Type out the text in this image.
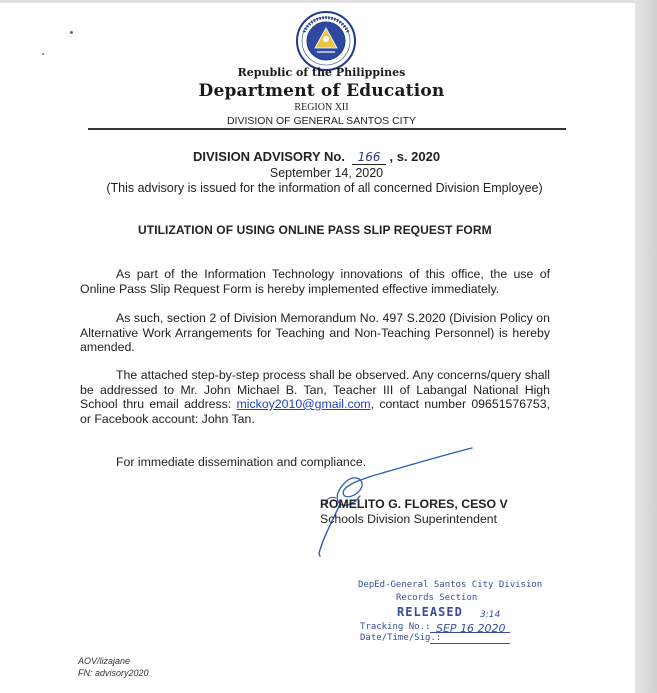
Republic of the Philippines
Department of Education
REGION XII
DIVISION OF GENERAL SANTOS CITY
DIVISION ADVISORY No. 166 , s. 2020
September 14, 2020
(This advisory is issued for the information of all concerned Division Employee)
UTILIZATION OF USING ONLINE PASS SLIP REQUEST FORM

As part of the Information Technology innovations of this office, the use of Online Pass Slip Request Form is hereby implemented effective immediately.

As such, section 2 of Division Memorandum No. 497 S.2020 (Division Policy on Alternative Work Arrangements for Teaching and Non-Teaching Personnel) is hereby amended.

The attached step-by-step process shall be observed. Any concerns/query shall be addressed to Mr. John Michael B. Tan, Teacher III of Labangal National High School thru email address: mickoy2010@gmail.com, contact number 09651576753, or Facebook account: John Tan.

For immediate dissemination and compliance.
ROMELITO G. FLORES, CESO V
Schools Division Superintendent
DepEd-General Santos City Division
Records Section
RELEASED
Tracking No.:
Date/Time/Sig.:
SEP 16 2020
3:14
AOV/lizajane
FN: advisory2020
